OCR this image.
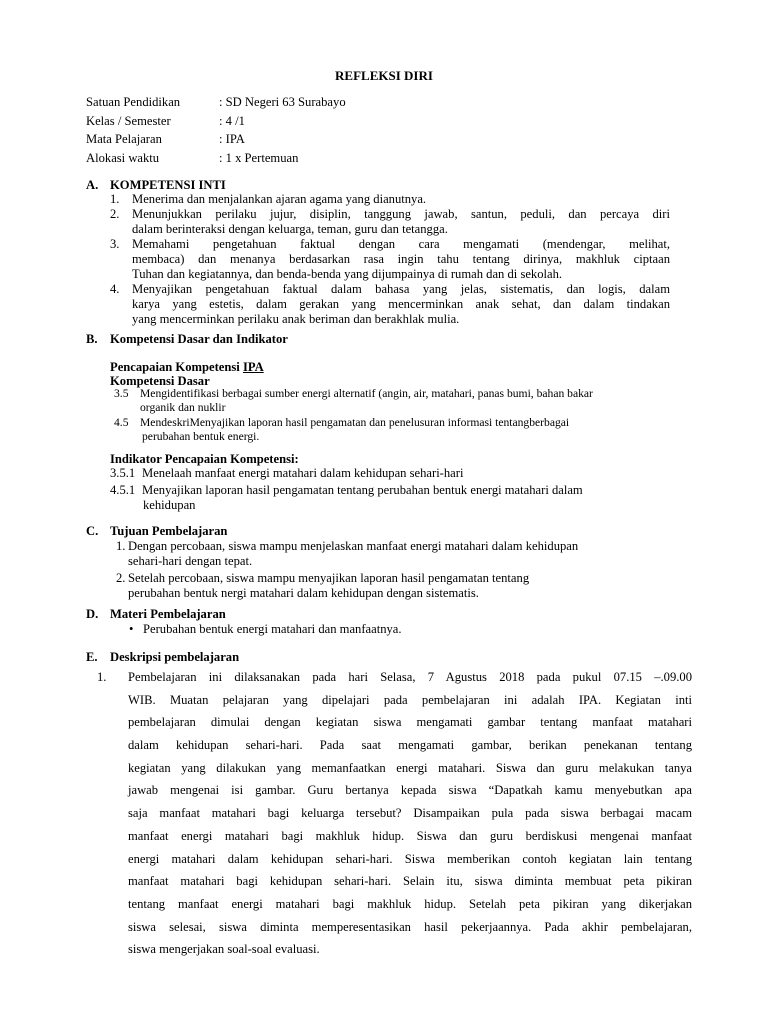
REFLEKSI DIRI
Satuan Pendidikan	: SD Negeri 63 Surabayo
Kelas / Semester	: 4 /1
Mata Pelajaran	: IPA
Alokasi waktu	: 1 x Pertemuan
A. KOMPETENSI INTI
1. Menerima dan menjalankan ajaran agama yang dianutnya.
2. Menunjukkan perilaku jujur, disiplin, tanggung jawab, santun, peduli, dan percaya diri
dalam berinteraksi dengan keluarga, teman, guru dan tetangga.
3. Memahami pengetahuan faktual dengan cara mengamati (mendengar, melihat,
membaca) dan menanya berdasarkan rasa ingin tahu tentang dirinya, makhluk ciptaan
Tuhan dan kegiatannya, dan benda-benda yang dijumpainya di rumah dan di sekolah.
4. Menyajikan pengetahuan faktual dalam bahasa yang jelas, sistematis, dan logis, dalam
karya yang estetis, dalam gerakan yang mencerminkan anak sehat, dan dalam tindakan
yang mencerminkan perilaku anak beriman dan berakhlak mulia.
B. Kompetensi Dasar dan Indikator
Pencapaian Kompetensi IPA
Kompetensi Dasar
3.5 Mengidentifikasi berbagai sumber energi alternatif (angin, air, matahari, panas bumi, bahan bakar
organik dan nuklir
4.5 MendeskriMenyajikan laporan hasil pengamatan dan penelusuran informasi tentangberbagai
perubahan bentuk energi.
Indikator Pencapaian Kompetensi:
3.5.1 Menelaah manfaat energi matahari dalam kehidupan sehari-hari
4.5.1 Menyajikan laporan hasil pengamatan tentang perubahan bentuk energi matahari dalam
kehidupan
C. Tujuan Pembelajaran
1. Dengan percobaan, siswa mampu menjelaskan manfaat energi matahari dalam kehidupan
sehari-hari dengan tepat.
2. Setelah percobaan, siswa mampu menyajikan laporan hasil pengamatan tentang
perubahan bentuk nergi matahari dalam kehidupan dengan sistematis.
D. Materi Pembelajaran
• Perubahan bentuk energi matahari dan manfaatnya.
E. Deskripsi pembelajaran
1. Pembelajaran ini dilaksanakan pada hari Selasa, 7 Agustus 2018 pada pukul 07.15 –.09.00
WIB. Muatan pelajaran yang dipelajari pada pembelajaran ini adalah IPA. Kegiatan inti
pembelajaran dimulai dengan kegiatan siswa mengamati gambar tentang manfaat matahari
dalam kehidupan sehari-hari. Pada saat mengamati gambar, berikan penekanan tentang
kegiatan yang dilakukan yang memanfaatkan energi matahari. Siswa dan guru melakukan tanya
jawab mengenai isi gambar. Guru bertanya kepada siswa “Dapatkah kamu menyebutkan apa
saja manfaat matahari bagi keluarga tersebut? Disampaikan pula pada siswa berbagai macam
manfaat energi matahari bagi makhluk hidup. Siswa dan guru berdiskusi mengenai manfaat
energi matahari dalam kehidupan sehari-hari. Siswa memberikan contoh kegiatan lain tentang
manfaat matahari bagi kehidupan sehari-hari. Selain itu, siswa diminta membuat peta pikiran
tentang manfaat energi matahari bagi makhluk hidup. Setelah peta pikiran yang dikerjakan
siswa selesai, siswa diminta memperesentasikan hasil pekerjaannya. Pada akhir pembelajaran,
siswa mengerjakan soal-soal evaluasi.
